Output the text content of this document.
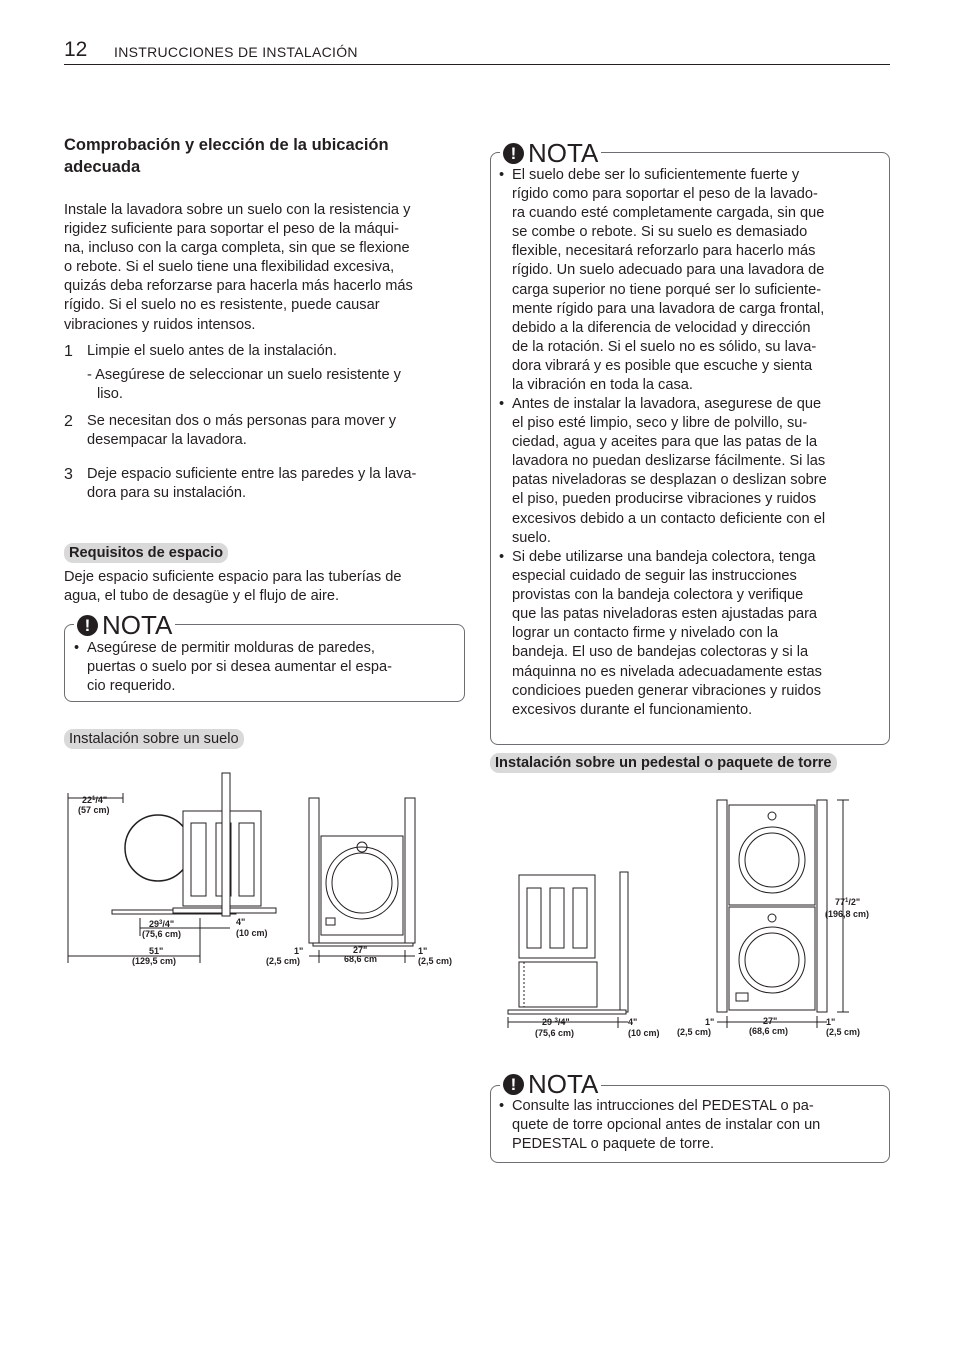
12 INSTRUCCIONES DE INSTALACIÓN
Comprobación y elección de la ubicación adecuada
Instale la lavadora sobre un suelo con la resistencia y
rigidez suficiente para soportar el peso de la máqui-
na, incluso con la carga completa, sin que se flexione
o rebote. Si el suelo tiene una flexibilidad excesiva,
quizás deba reforzarse para hacerla más hacerlo más
rígido. Si el suelo no es resistente, puede causar
vibraciones y ruidos intensos.
1 Limpie el suelo antes de la instalación.
- Asegúrese de seleccionar un suelo resistente y
liso.
2 Se necesitan dos o más personas para mover y
desempacar la lavadora.
3 Deje espacio suficiente entre las paredes y la lava-
dora para su instalación.
Requisitos de espacio
Deje espacio suficiente espacio para las tuberías de
agua, el tubo de desagüe y el flujo de aire.
! NOTA
• Asegúrese de permitir molduras de paredes,
puertas o suelo por si desea aumentar el espa-
cio requerido.
Instalación sobre un suelo
$22^1/4$"
(57 cm)
$29^3/4$"
(75,6 cm)
4"
(10 cm)
51"
(129,5 cm)
1"
(2,5 cm)
27"
68,6 cm
1"
(2,5 cm)
! NOTA
• El suelo debe ser lo suficientemente fuerte y
rígido como para soportar el peso de la lavado-
ra cuando esté completamente cargada, sin que
se combe o rebote. Si su suelo es demasiado
flexible, necesitará reforzarlo para hacerlo más
rígido. Un suelo adecuado para una lavadora de
carga superior no tiene porqué ser lo suficiente-
mente rígido para una lavadora de carga frontal,
debido a la diferencia de velocidad y dirección
de la rotación. Si el suelo no es sólido, su lava-
dora vibrará y es posible que escuche y sienta
la vibración en toda la casa.
• Antes de instalar la lavadora, asegurese de que
el piso esté limpio, seco y libre de polvillo, su-
ciedad, agua y aceites para que las patas de la
lavadora no puedan deslizarse fácilmente. Si las
patas niveladoras se desplazan o deslizan sobre
el piso, pueden producirse vibraciones y ruidos
excesivos debido a un contacto deficiente con el
suelo.
• Si debe utilizarse una bandeja colectora, tenga
especial cuidado de seguir las instrucciones
provistas con la bandeja colectora y verifique
que las patas niveladoras esten ajustadas para
lograr un contacto firme y nivelado con la
bandeja. El uso de bandejas colectoras y si la
máquinna no es nivelada adecuadamente estas
condicioes pueden generar vibraciones y ruidos
excesivos durante el funcionamiento.
Instalación sobre un pedestal o paquete de torre
29 $^3$/4"
(75,6 cm)
4"
(10 cm)
$77^1/2$"
(196,8 cm)
1"
(2,5 cm)
27"
(68,6 cm)
1"
(2,5 cm)
! NOTA
• Consulte las intrucciones del PEDESTAL o pa-
quete de torre opcional antes de instalar con un
PEDESTAL o paquete de torre.
